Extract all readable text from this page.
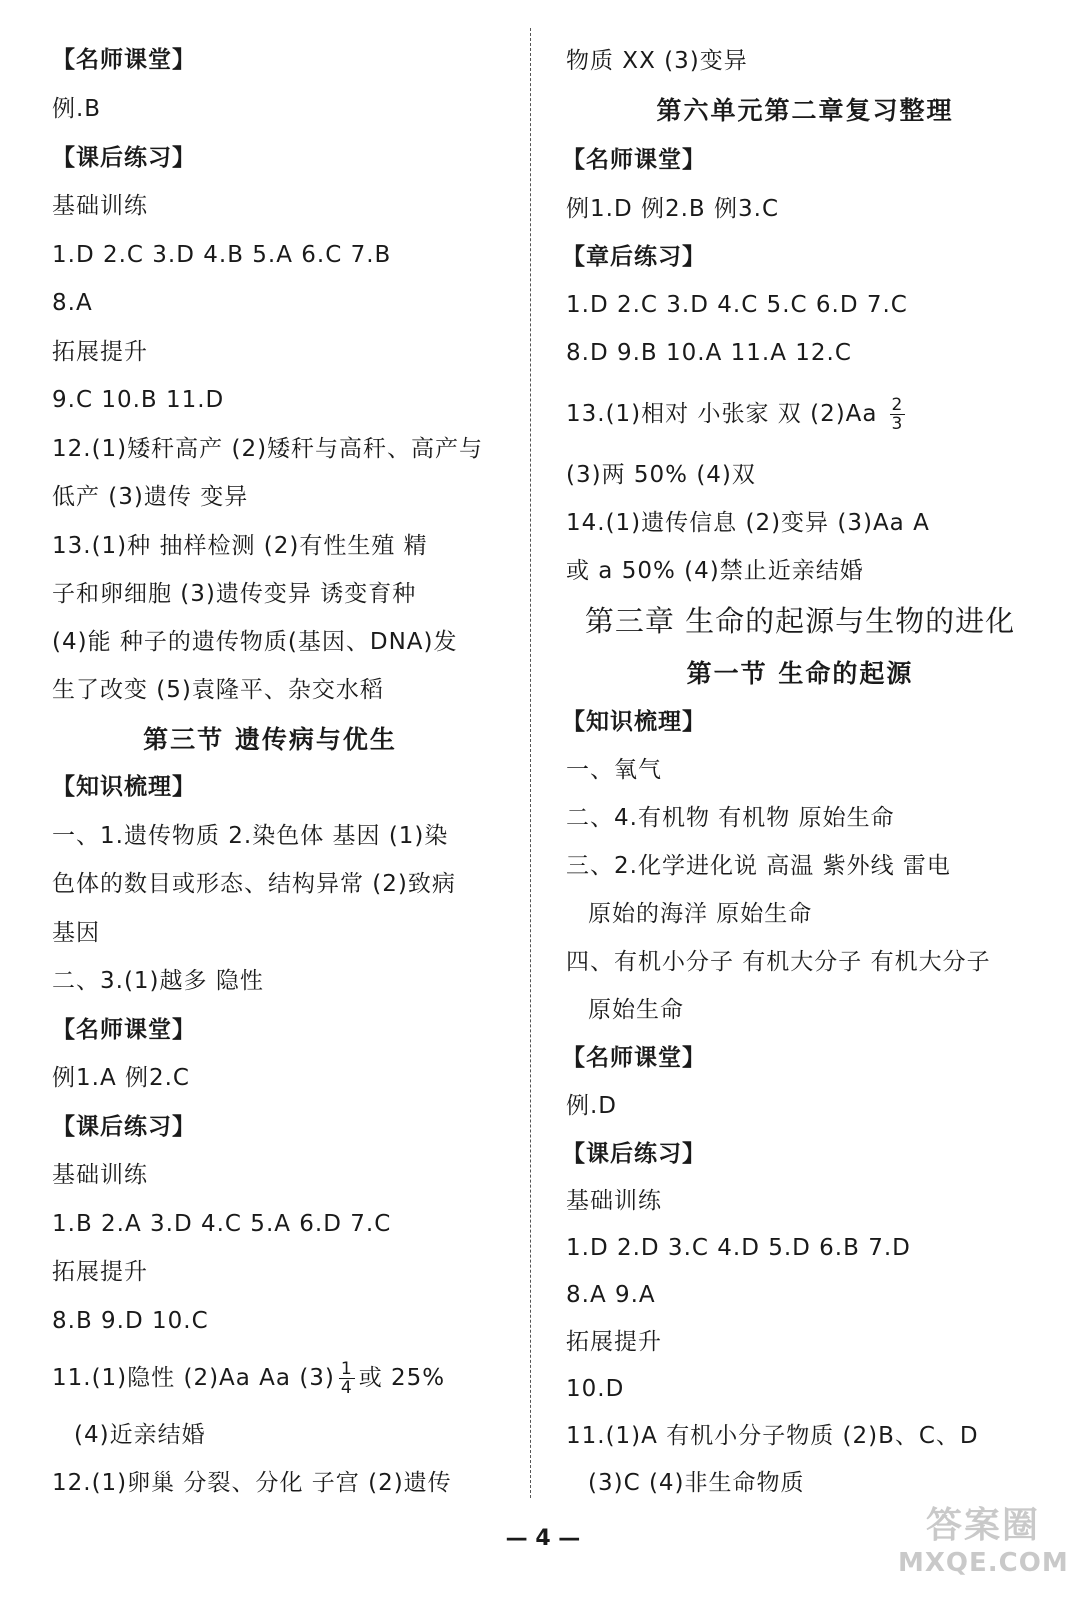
【名师课堂】
例.B
【课后练习】
基础训练
1.D 2.C 3.D 4.B 5.A 6.C 7.B
8.A
拓展提升
9.C 10.B 11.D
12.(1)矮秆高产 (2)矮秆与高秆、高产与
低产 (3)遗传 变异
13.(1)种 抽样检测 (2)有性生殖 精
子和卵细胞 (3)遗传变异 诱变育种
(4)能 种子的遗传物质(基因、DNA)发
生了改变 (5)袁隆平、杂交水稻
第三节 遗传病与优生
【知识梳理】
一、1.遗传物质 2.染色体 基因 (1)染
色体的数目或形态、结构异常 (2)致病
基因
二、3.(1)越多 隐性
【名师课堂】
例1.A 例2.C
【课后练习】
基础训练
1.B 2.A 3.D 4.C 5.A 6.D 7.C
拓展提升
8.B 9.D 10.C
11.(1)隐性 (2)Aa Aa $(3) \frac{1}{4}$ 或 25%
(4)近亲结婚
12.(1)卵巢 分裂、分化 子宫 (2)遗传
物质 XX (3)变异
第六单元第二章复习整理
【名师课堂】
例1.D 例2.B 例3.C
【章后练习】
1.D 2.C 3.D 4.C 5.C 6.D 7.C
8.D 9.B 10.A 11.A 12.C
13.(1)相对 小张家 双 $(2)Aa \frac{2}{3}$
(3)两 50% (4)双
14.(1)遗传信息 (2)变异 (3)Aa A
或 a 50% (4)禁止近亲结婚
第三章 生命的起源与生物的进化
第一节 生命的起源
【知识梳理】
一、氧气
二、4.有机物 有机物 原始生命
三、2.化学进化说 高温 紫外线 雷电
原始的海洋 原始生命
四、有机小分子 有机大分子 有机大分子
原始生命
【名师课堂】
例.D
【课后练习】
基础训练
1.D 2.D 3.C 4.D 5.D 6.B 7.D
8.A 9.A
拓展提升
10.D
11.(1)A 有机小分子物质 (2)B、C、D
(3)C (4)非生命物质
— 4 —	答案圈
MXQE.COM
